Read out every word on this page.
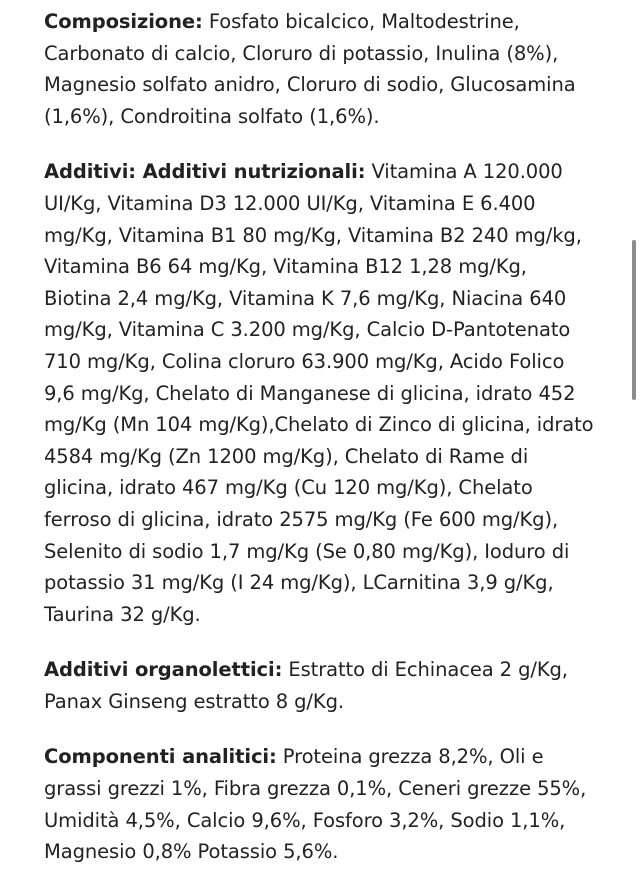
Composizione: Fosfato bicalcico, Maltodestrine, Carbonato di calcio, Cloruro di potassio, Inulina (8%), Magnesio solfato anidro, Cloruro di sodio, Glucosamina (1,6%), Condroitina solfato (1,6%).

Additivi: Additivi nutrizionali: Vitamina A 120.000 UI/Kg, Vitamina D3 12.000 UI/Kg, Vitamina E 6.400 mg/Kg, Vitamina B1 80 mg/Kg, Vitamina B2 240 mg/kg, Vitamina B6 64 mg/Kg, Vitamina B12 1,28 mg/Kg, Biotina 2,4 mg/Kg, Vitamina K 7,6 mg/Kg, Niacina 640 mg/Kg, Vitamina C 3.200 mg/Kg, Calcio D-Pantotenato 710 mg/Kg, Colina cloruro 63.900 mg/Kg, Acido Folico 9,6 mg/Kg, Chelato di Manganese di glicina, idrato 452 mg/Kg (Mn 104 mg/Kg),Chelato di Zinco di glicina, idrato 4584 mg/Kg (Zn 1200 mg/Kg), Chelato di Rame di glicina, idrato 467 mg/Kg (Cu 120 mg/Kg), Chelato ferroso di glicina, idrato 2575 mg/Kg (Fe 600 mg/Kg), Selenito di sodio 1,7 mg/Kg (Se 0,80 mg/Kg), Ioduro di potassio 31 mg/Kg (I 24 mg/Kg), LCarnitina 3,9 g/Kg, Taurina 32 g/Kg.

Additivi organolettici: Estratto di Echinacea 2 g/Kg, Panax Ginseng estratto 8 g/Kg.

Componenti analitici: Proteina grezza 8,2%, Oli e grassi grezzi 1%, Fibra grezza 0,1%, Ceneri grezze 55%, Umidità 4,5%, Calcio 9,6%, Fosforo 3,2%, Sodio 1,1%, Magnesio 0,8% Potassio 5,6%.
